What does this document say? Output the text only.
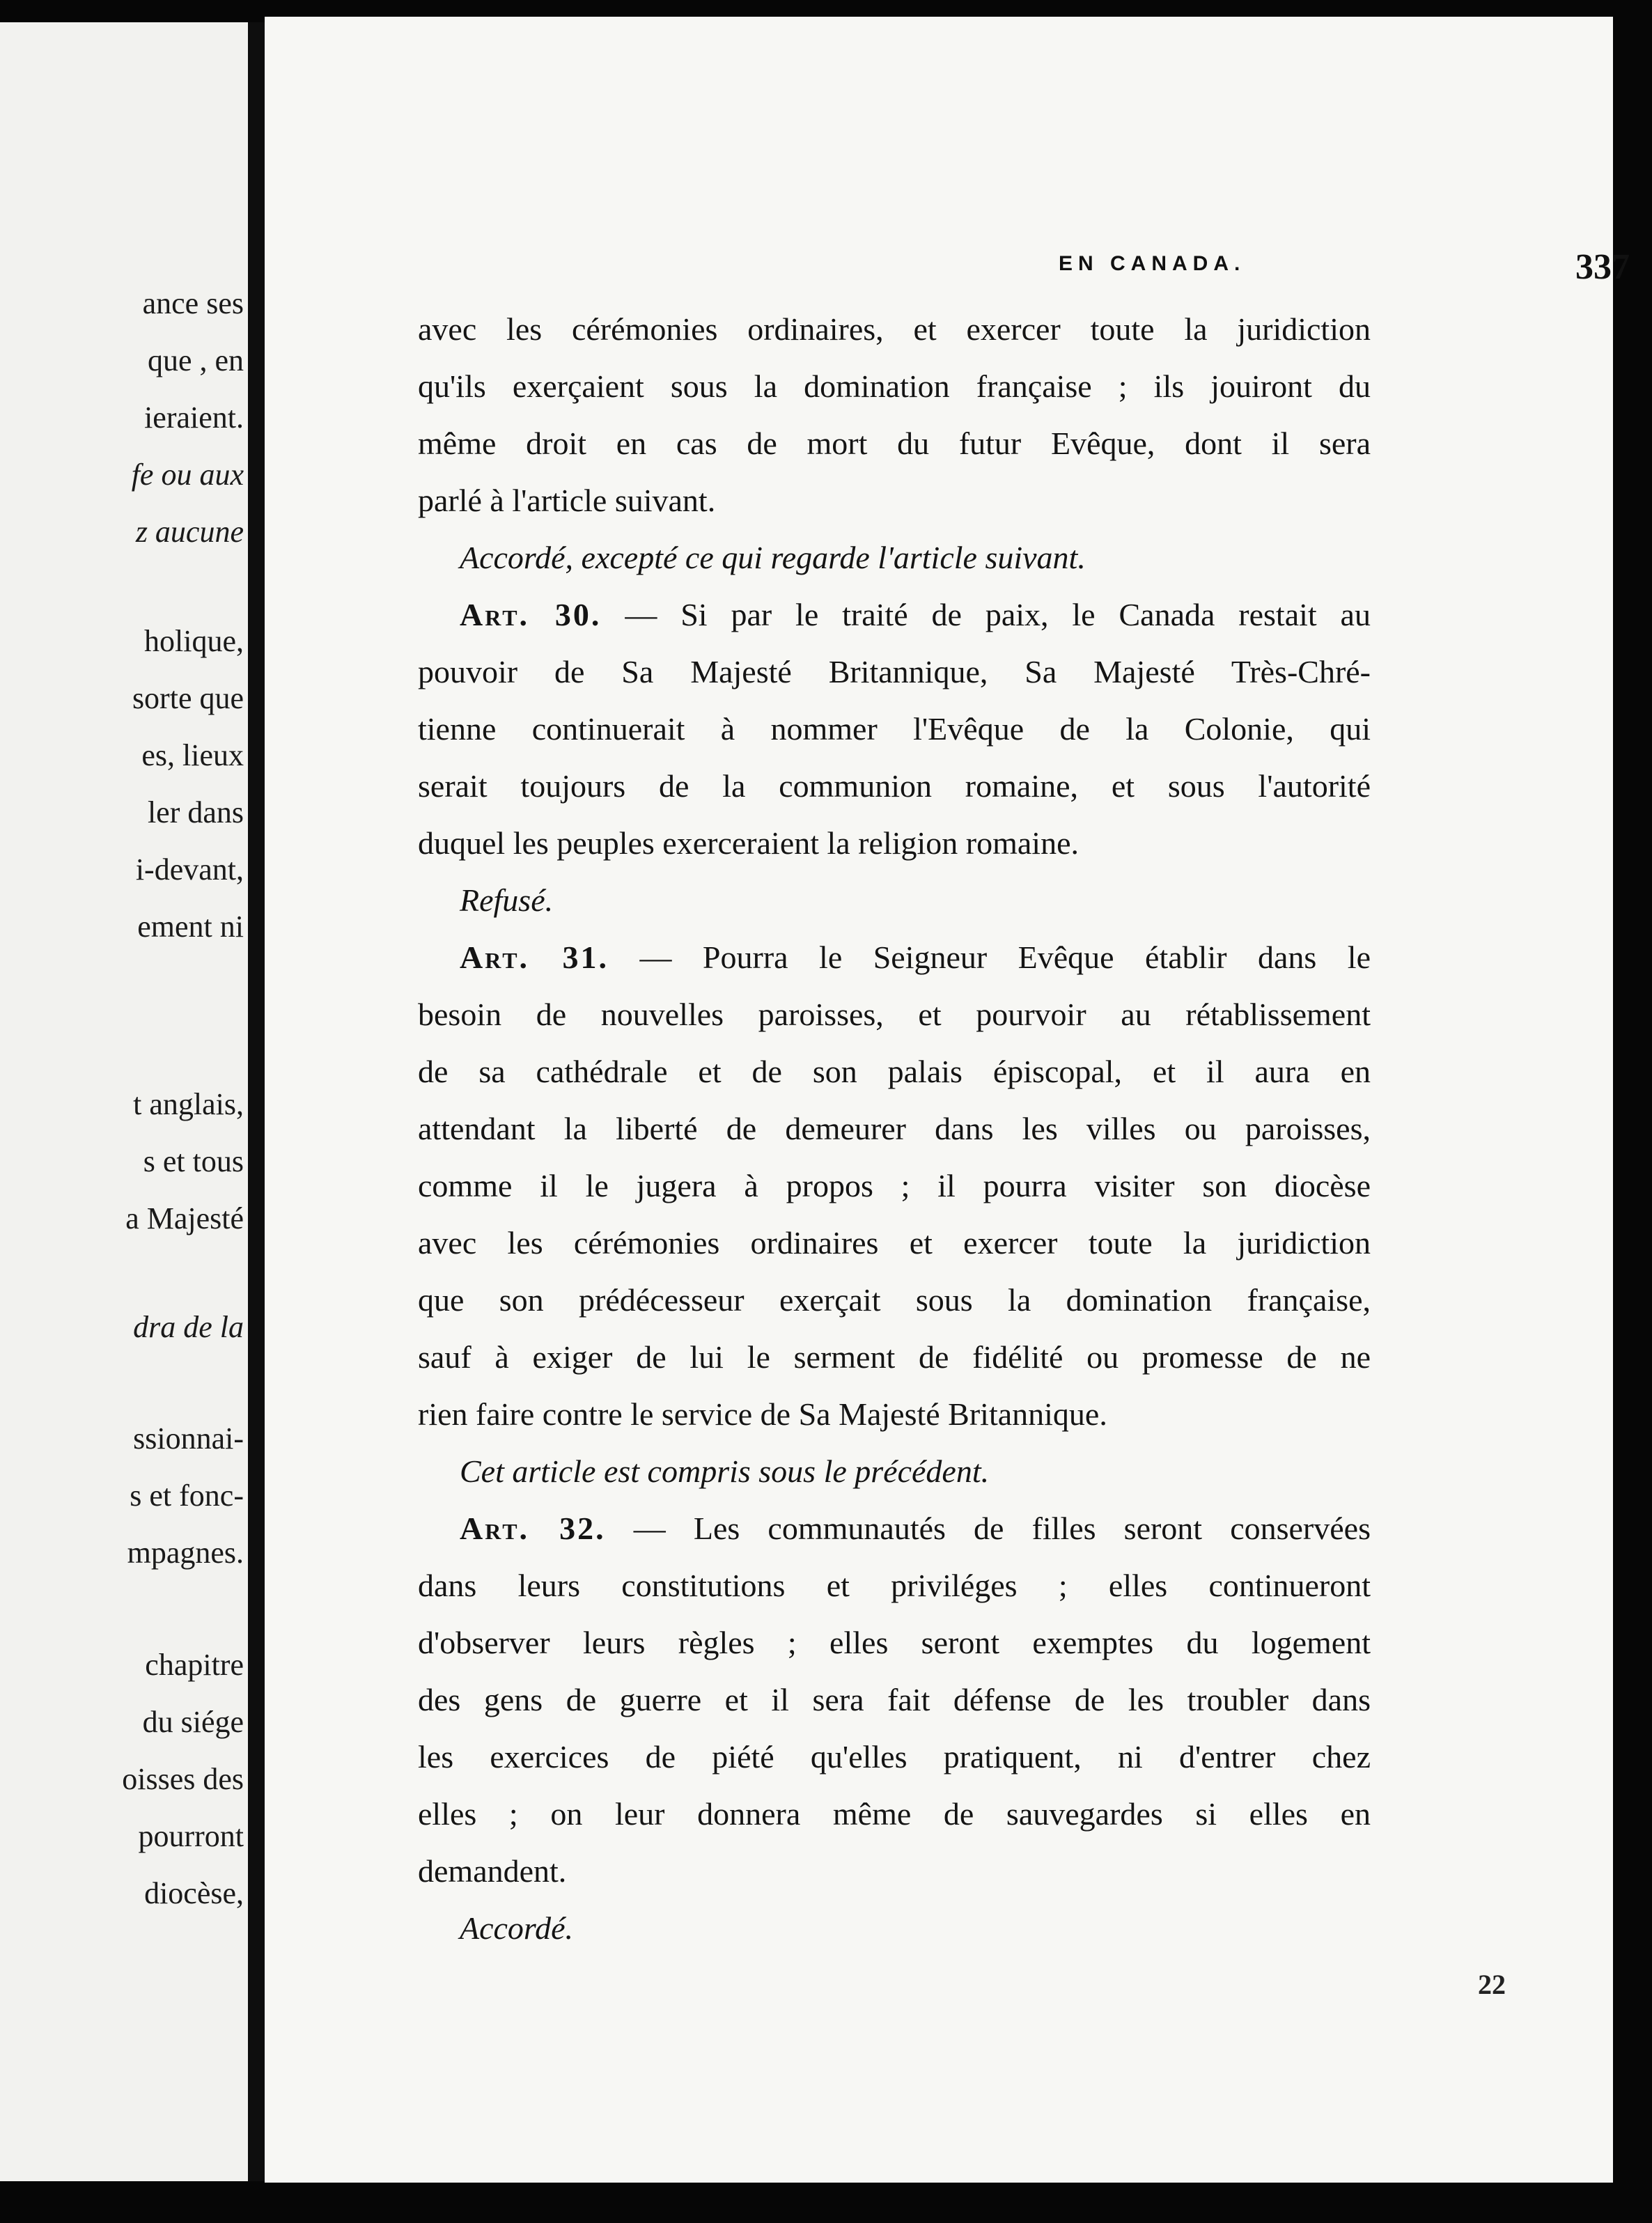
ance ses
que , en
ieraient.
fe ou aux
z aucune
holique,
sorte que
es, lieux
ler dans
i-devant,
ement ni
t anglais,
s et tous
a Majesté
dra de la
ssionnai-
s et fonc-
mpagnes.
chapitre
du siége
oisses des
pourront
diocèse,
EN CANADA.	337
22
avec les cérémonies ordinaires, et exercer toute la juridiction
qu'ils exerçaient sous la domination française ; ils jouiront du
même droit en cas de mort du futur Evêque, dont il sera
parlé à l'article suivant.
Accordé, excepté ce qui regarde l'article suivant.
Art. 30. — Si par le traité de paix, le Canada restait au
pouvoir de Sa Majesté Britannique, Sa Majesté Très-Chré-
tienne continuerait à nommer l'Evêque de la Colonie, qui
serait toujours de la communion romaine, et sous l'autorité
duquel les peuples exerceraient la religion romaine.
Refusé.
Art. 31. — Pourra le Seigneur Evêque établir dans le
besoin de nouvelles paroisses, et pourvoir au rétablissement
de sa cathédrale et de son palais épiscopal, et il aura en
attendant la liberté de demeurer dans les villes ou paroisses,
comme il le jugera à propos ; il pourra visiter son diocèse
avec les cérémonies ordinaires et exercer toute la juridiction
que son prédécesseur exerçait sous la domination française,
sauf à exiger de lui le serment de fidélité ou promesse de ne
rien faire contre le service de Sa Majesté Britannique.
Cet article est compris sous le précédent.
Art. 32. — Les communautés de filles seront conservées
dans leurs constitutions et priviléges ; elles continueront
d'observer leurs règles ; elles seront exemptes du logement
des gens de guerre et il sera fait défense de les troubler dans
les exercices de piété qu'elles pratiquent, ni d'entrer chez
elles ; on leur donnera même de sauvegardes si elles en
demandent.
Accordé.
